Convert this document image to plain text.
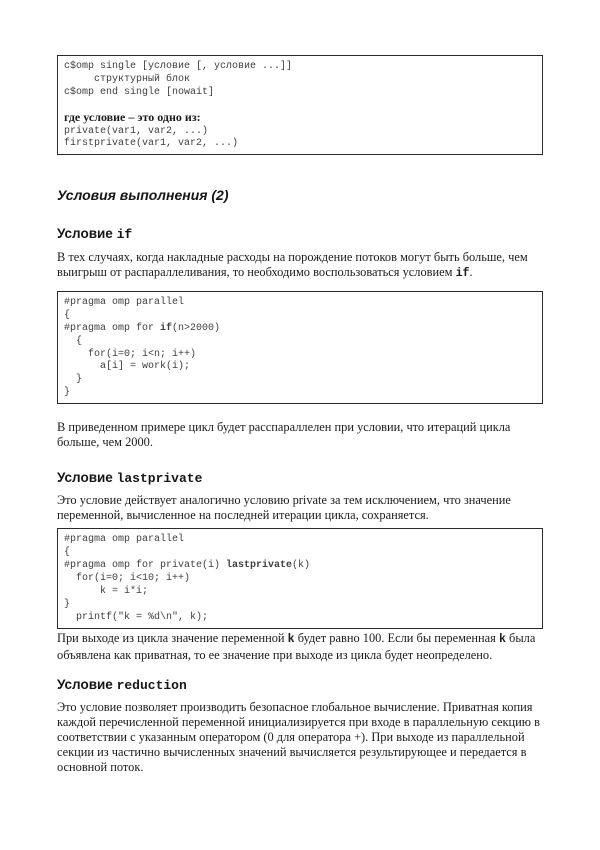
c$omp single [условие [, условие ...]]
структурный блок
c$omp end single [nowait]

где условие – это одно из:
private(var1, var2, ...)
firstprivate(var1, var2, ...)
Условия выполнения (2)
Условие if

В тех случаях, когда накладные расходы на порождение потоков могут быть больше, чем выигрыш от распараллеливания, то необходимо воспользоваться условием if.

#pragma omp parallel
{
#pragma omp for if(n>2000)
{
for(i=0; i<n; i++)
a[i] = work(i);
}
}

В приведенном примере цикл будет расспараллелен при условии, что итераций цикла больше, чем 2000.

Условие lastprivate

Это условие действует аналогично условию private за тем исключением, что значение переменной, вычисленное на последней итерации цикла, сохраняется.

#pragma omp parallel
{
#pragma omp for private(i) lastprivate(k)
for(i=0; i<10; i++)
k = i*i;
}
printf("k = %d\n", k);

При выходе из цикла значение переменной k будет равно 100. Если бы переменная k была объявлена как приватная, то ее значение при выходе из цикла будет неопределено.

Условие reduction

Это условие позволяет производить безопасное глобальное вычисление. Приватная копия каждой перечисленной переменной инициализируется при входе в параллельную секцию в соответствии с указанным оператором (0 для оператора +). При выходе из параллельной секции из частично вычисленных значений вычисляется результирующее и передается в основной поток.
